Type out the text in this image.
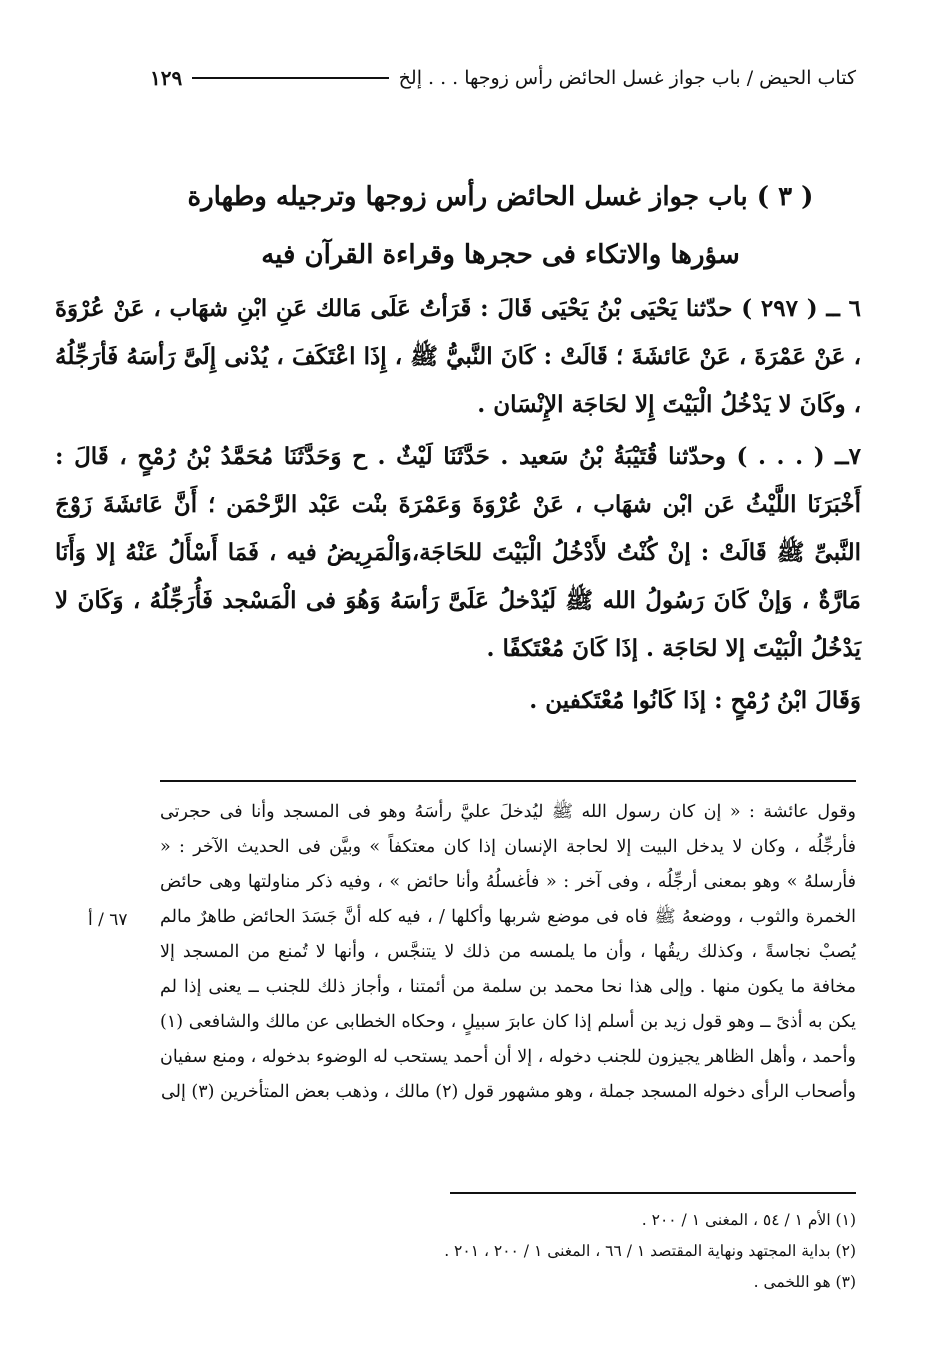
كتاب الحيض / باب جواز غسل الحائض رأس زوجها . . . إلخ
١٢٩
( ٣ ) باب جواز غسل الحائض رأس زوجها وترجيله وطهارة
سؤرها والاتكاء فى حجرها وقراءة القرآن فيه

٦ ــ ( ٢٩٧ ) حدّثنا يَحْيَى بْنُ يَحْيَى قَالَ : قَرَأتُ عَلَى مَالك عَنِ ابْنِ شهَاب ، عَنْ عُرْوَةَ ، عَنْ عَمْرَةَ ، عَنْ عَائشَةَ ؛ قَالَتْ : كَانَ النَّبيُّ ﷺ ، إِذَا اعْتَكَفَ ، يُدْنى إِلَىَّ رَأسَهُ فَأرَجِّلُهُ ، وكَانَ لا يَدْخُلُ الْبَيْتَ إِلا لحَاجَة الإِنْسَان .

٧ــ ( . . . ) وحدّثنا قُتَيْبَةُ بْنُ سَعيد . حَدَّثَنَا لَيْثٌ . ح وَحَدَّثَنَا مُحَمَّدُ بْنُ رُمْحٍ ، قَالَ : أَخْبَرَنَا اللَّيْثُ عَن ابْن شهَاب ، عَنْ عُرْوَةَ وَعَمْرَةَ بنْت عَبْد الرَّحْمَن ؛ أَنَّ عَائشَةَ زَوْجَ النَّبىِّ ﷺ قَالَتْ : إنْ كُنْتُ لأَدْخُلُ الْبَيْتَ للحَاجَة،وَالْمَرِيضُ فيه ، فَمَا أَسْأَلُ عَنْهُ إلا وَأَنَا مَارَّةٌ ، وَإنْ كَانَ رَسُولُ الله ﷺ لَيُدْخلُ عَلَىَّ رَأسَهُ وَهُوَ فى الْمَسْجد فَأُرَجِّلُهُ ، وَكَانَ لا يَدْخُلُ الْبَيْتَ إلا لحَاجَة . إذَا كَانَ مُعْتَكفًا .

وَقَالَ ابْنُ رُمْحٍ : إذَا كَانُوا مُعْتَكفين .

وقول عائشة : « إن كان رسول الله ﷺ ليُدخلَ عليَّ رأسَهُ وهو فى المسجد وأنا فى حجرتى فأرجِّلُه ، وكان لا يدخل البيت إلا لحاجة الإنسان إذا كان معتكفاً » وبيَّن فى الحديث الآخر : « فأرسلهُ » وهو بمعنى أرجِّلُه ، وفى آخر : « فأغسلُهُ وأنا حائض » ، وفيه ذكر مناولتها وهى حائض الخمرة والثوب ، ووضعهُ ﷺ فاه فى موضع شربها وأكلها / ، فيه كله أنَّ جَسَدَ الحائض طاهرٌ مالم يُصبْ نجاسةً ، وكذلك ريقُها ، وأن ما يلمسه من ذلك لا يتنجَّس ، وأنها لا تُمنع من المسجد إلا مخافة ما يكون منها . وإلى هذا نحا محمد بن سلمة من أئمتنا ، وأجاز ذلك للجنب ــ يعنى إذا لم يكن به أذىً ــ وهو قول زيد بن أسلم إذا كان عابرَ سبيلٍ ، وحكاه الخطابى عن مالك والشافعى (١) وأحمد ، وأهل الظاهر يجيزون للجنب دخوله ، إلا أن أحمد يستحب له الوضوء بدخوله ، ومنع سفيان وأصحاب الرأى دخوله المسجد جملة ، وهو مشهور قول (٢) مالك ، وذهب بعض المتأخرين (٣) إلى

٦٧ / أ
(١) الأم ١ / ٥٤ ، المغنى ١ / ٢٠٠ .
(٢) بداية المجتهد ونهاية المقتصد ١ / ٦٦ ، المغنى ١ / ٢٠٠ ، ٢٠١ .
(٣) هو اللخمى .
